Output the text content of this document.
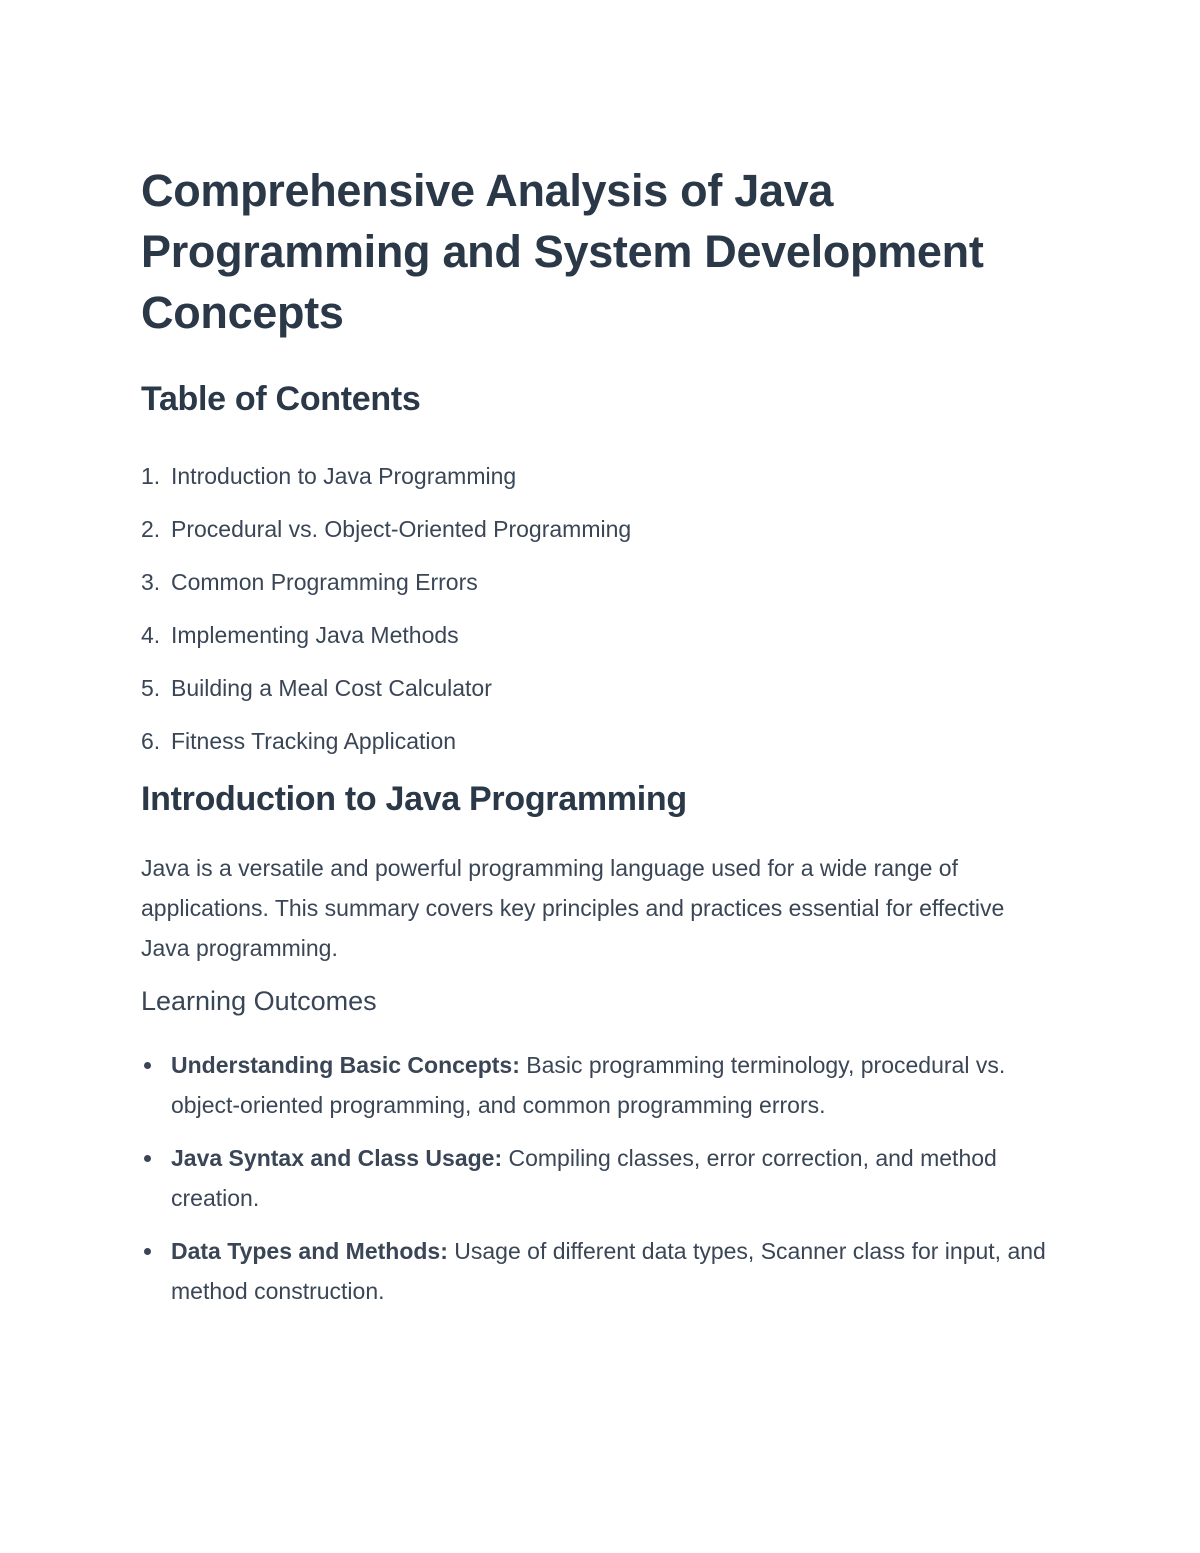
Comprehensive Analysis of Java Programming and System Development Concepts
Table of Contents
1. Introduction to Java Programming
2. Procedural vs. Object-Oriented Programming
3. Common Programming Errors
4. Implementing Java Methods
5. Building a Meal Cost Calculator
6. Fitness Tracking Application
Introduction to Java Programming

Java is a versatile and powerful programming language used for a wide range of applications. This summary covers key principles and practices essential for effective Java programming.

Learning Outcomes
Understanding Basic Concepts: Basic programming terminology, procedural vs. object-oriented programming, and common programming errors.
Java Syntax and Class Usage: Compiling classes, error correction, and method creation.
Data Types and Methods: Usage of different data types, Scanner class for input, and method construction.
